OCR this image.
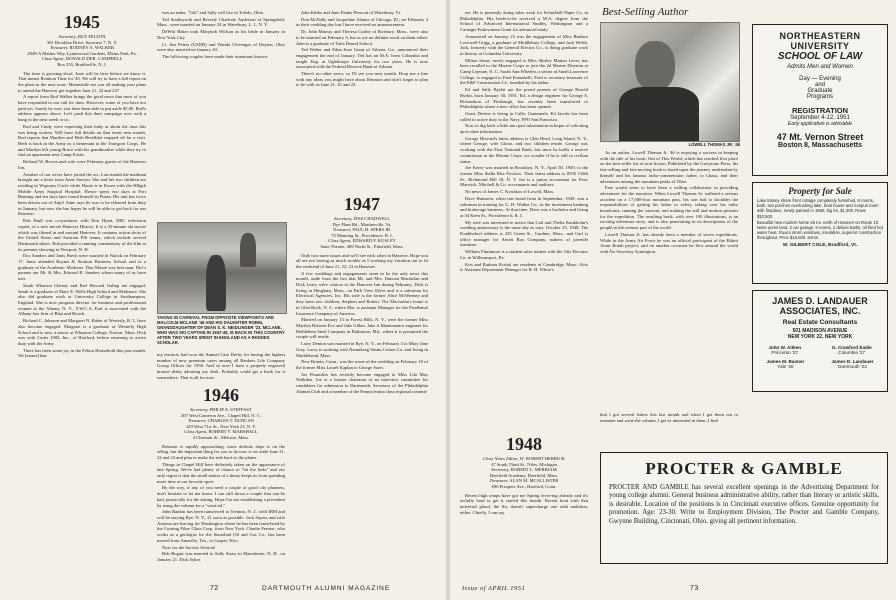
1945
Secretary, REX FELTON
301 Brooklea Drive, Syracuse 7, N. Y.
Treasurer, RODNEY A. WALKER
2049-A Mather Way, Lynnewood Gardens, Elkins Park, Pa.
Class Agent, DONALD DER. CAMPBELL
Box 255, Brattleville, N. J.

The time is growing short. June will be here before we know it. That means Reunion Time for '45. We will try to have a full report on the plans in the next issue. Meanwhile are you all making your plans to attend the Hanover get-together June 21, 22 and 23?

A report from Rod Walker brings the good news that most of you have responded to our call for dues. However, some of you have not paid yet. Surely by now you have been able to put aside $5.00. Rod's address appears above. Let's push this dues campaign over with a bang in the next week or so.

Rod and Cindy were expecting their baby at about the time this was being written. Will have full details on that event next month. Rod reports that Marilyn and Herb Breidblat stopped off for a visit. Herb is back in the Army as a lieutenant in the Transport Corps. He and Marilyn left young Bruce with his grandmother while they try to find an apartment near Camp Eustis.

Richard W. Brown and wife were February guests of the Hanover Inn.

Another of our wives have joined the act. Last month the mailman brought me a letter from Anne Sawyer. She and her two children are residing in Wigwam Circle while Houie is in Korea with the 806gth Mobile Army Surgical Hospital. Howie spent two days at Fort Benning and ten days later found himself in Pusan. His unit has twice been driven out of Anju! Anne says he was to be released from duty in January, but now she has hopes he will be able to get back for our Reunion.

Bob Paull was co-producer with Don Hyatt, NBC television expert, of a new movie Hanover History. It is a 45-minute ski movie which was filmed in and around Hanover. It contains action shots of the United States and Austrian FIS teams, which include several Dartmouth skiers. Bob provided a running commentary of the film at its premier showing in Newport, N. H.

Doc Sanders and Janis Paech were married in Natick on February 17. Janis attended Bryant & Stratton Business School and is a graduate of the Academic Moderne. Don Moore was best man. Doc's parents are Mr. & Mrs. Edward R. Sanders whom many of us have met.

Sarah Wharton Cheney and Earl Howard Gallup are engaged. Sarah is a graduate of Mary E. Wells High School and Skidmore. She also did graduate work at University College in Southampton, England. She is now program director for business and professional women at the Albany, N. Y., Y.W.C.A. Earl is associated with the Albany law firm of Blau and Bouck.

Richard C. Johnson and Margaret N. Baker of Westerly, R. I., have also become engaged. Margaret is a graduate of Westerly High School and is now a senior at Wheaton College, Norton, Mass. Dick was with Curtis 1000, Inc., of Hartford, before returning to active duty with the Army.

There has been some joy in the Felton Household this past month. We learned that

was an usher. "Gib" and Sally will live in Toledo, Ohio.

Ted Southworth and Beverly Charlotte Anderson of Springfield, Mass., were married on January 24 in Waterbury, L. I., N. Y.

DeWitt Baker took Marybob Willson as his bride in January in New York City.

Lt. Jim Peters (USNR) and Wanda Clevenger of Dayton, Ohio were also married on January 20.

The following couples have made their intentions known:

TAKING IN CARNIVAL FROM OPPOSITE VIEWPOINTS ARE MALCOLM MCLANE '46 AND HIS DAUGHTER ROBIN, GRANDDAUGHTER OF DEAN S. K. NEIDLINGER '23. MCLANE, WHO WAS SKI CAPTAIN IN 1947-48, IS BACK IN THIS COUNTRY AFTER TWO YEARS SPENT IN ENGLAND AS A RHODES SCHOLAR.

my territory had won the Annual Case Derby for having the highest number of new premium cases among all Bankers Life Company Group Offices for 1950. And so now I have a properly engraved bronze derby adorning my desk. Probably could get a buck for it somewhere. That is all for now.

1946
Secretary, PHILIP A. STEFFAST
207 West Cameron Ave., Chapel Hill, N. C.
Treasurer, CHARLES T. DUNCAN
229 West 71st St., New York 23, N. Y.
Class Agent, ROBERT V. MARSHALL
4 Chestnut St., Melrose, Mass.

Reunion is rapidly approaching, more definite dope is on the offing, but the important thing for you to do now is set aside June 21, 22 and 23 and plan to make the trek back to the plains.

Things in Chapel Hill have definitely taken on the appearance of late Spring. We've had plenty of chance to "hit the links" and our only regret is that the small matter of a thesis keeps us from spending more time at our favorite sport.

By the way, if any of you need a couple of good city planners, don't hesitate to let me know. I can still down a couple that can be had, practically for the asking. Hope I'm not establishing a precedent by using the column for a "want-ad."

John Rankin has been transferred to Trenton, N. J., with IBM and will be staying Rye, N. Y., 21 soon as possible. Jack Sayers and wife Antonia are leaving for Washington where he has been transferred by the Corning Fibre Glass Corp. from New York. Charlie Perrine, who works as a geologist for the Stanolind Oil and Gas Co., has been moved from Amarillo, Tex., to Casper, Wyo.

Now for the Society Section!

Bob Bogart was married to Sally Straw in Manchester, N. H., on January 21. Dick Sykes

John Kibbe and June Elaine Prescott of Waterbury, Vt.

Don McNally and Jacqueline Adams of Chicago, Ill., set February 3 as their wedding day but I have received no announcement.

Dr. John Murray and Theresa Curley of Roxbury, Mass., were also to be married on February 3, but as yet no definite word on them either. John is a graduate of Tufts Dental School.

Ted Walter and Edna Jean Grant of Atlanta, Ga., announced their engagement the end of January. Ted has an M.A. from Columbia and taught Eng. at Oglethorpe University for two years. He is now associated with the Federal Reserve Bank of Atlanta.

There's no other news, so I'll see you next month. Drop me a line with any ideas you might have about Reunion and don't forget to plan to be with us June 21, 22 and 23.

1947
Secretary, JESS CHADWELL
Dye Plant Rd., Martinsville, Va.
Treasurer, PAUL H. SPERS JR.
73 Manning St., Providence, R. I.
Class Agent, EDWARD F. KUSLEY
State Theater, 406 North St., Pittsfield, Mass.

Only two more issues and we'll see each other in Hanover. Hope you all are not having as much trouble as I working my vacation out to fit the weekend of June 21, 22, 23 in Hanover.

A few weddings and engagements seem to be the only news this month, aside from the fact that Mr. and Mrs. Duncan Macfarlan and Dick Leary were visitors at the Hanover Inn during February. Dick is living in Hingham, Mass., on Park View Drive and is a salesman for Electrical Agencies, Inc. His wife is the former Alice McWeeney and they have two children, Stephen and Robert. The Macfarlan's home is in Glen Rock, N. J., where Mac is assistant Manager for the Prudential Insurance Company of America.

Married on January 13 in Forest Hills, N. Y., were the former Miss Marilyn Roberta Fox and Jake Gilber. Jake is Maintenance engineer for Bethlehem Steel Company in Baltimore, Md., where it is presumed the couple will reside.

Larry Denton was married in Rye, N. Y., on February 3 to Mary Jane Gray. Larry is working with Naumkeag Steam Cotton Co. and living in Marblehead, Mass.

New Britain, Conn., was the scene of the wedding on February 10 of the former Miss Laurel Kaplan to George Saret.

Joe Flounders has recently become engaged to Miss Lila May Walkden. Joe is a former chairman of an interview committee for candidates for admission to Dartmouth, Secretary of the Philadelphia Alumni Club and a member of the Pennsylvania class regional commit-

72	DARTMOUTH ALUMNI MAGAZINE

tee. He is presently doing sales work for Schuylkill Paper Co. in Philadelphia. His bride-to-be received a M.A. degree from the School of Advanced International Studies, Washington and a Carnegie Endowment Grant for advanced study.

Announced on January 23 was the engagement of Miss Barbara Lovewell-Grigg, a graduate of Middlebury College, and Jack Welsh. Jack, formerly with the General Electric Co., is doing graduate work in history at Columbia University.

Milton Stone, newly engaged to Miss Shirley Marian Lever, has been recalled to the Marine Corps to join the 2d Marine Division at Camp Lejeune, N. C. Sarah Ann Wheeler, a senior at Sarah Lawrence College, is engaged to Fred Fraunhelli. Fred is secretary-treasurer of the E&F Construction Co. founded by his father.

Ed and Sally Byrkit are the proud parents of George Harold Byrkit, born January 30, 1951. Ed, a design engineer for George S. Richardson of Pittsburgh, has recently been transferred to Philadelphia where a new office has been opened.

Ozzie Devine is living in Calle, Guatemala. Ed Jacobs has been called to active duty in the Navy, FPO San Francisco.

Now to dig back a little into past information in hopes of soliciting up-to-date information.

George Howard's latest address is Glen Head, Long Island, N. Y., where George, wife Gloria, and two children reside. George was working with the First National Bank, but since he holds a reserve commission in the Marine Corps, we wonder if he is still in civilian status.

Joe Kerey was married in Brooklyn, N. Y., April 30, 1949, to the former Miss Stella Rita Powlow. Their latest address is 8592 116th St., Richmond Hill 18, N. Y. Joe is a junior accountant for Peat, Marwick, Mitchell & Co. accountants and auditors.

No news of James C. Kyriakos of Lowell, Mass.

Dave Hunstein, when last heard from in September, 1949, was a salesman in training for G. H. Walker Co., in the investment banking and brokerage business. At that time, Dave was a bachelor and living at 34 Keen St., Providence 6, R. I.

My wife was interested to notice that Carl and Thelia Kunkholm's wedding anniversary is the same day as ours, October 23, 1948. The Kunkholm's address is 235 Green St., Gardner, Mass., and Carl is office manager for Arnett Box Company, makers of juvenile furniture.

William Finnimore is a student sales trainee with the Otis Elevator Co. in Williamsport, Pa.

Kris and Barbara Kristal are residents of Cambridge, Mass.; Kris is Assistant Department Manager for R. H. White's.

1948
Class Notes Editor, W. ROBERT HERRICK
47 South Third St., Niles, Michigan
Secretary, ROBERT L. MERRIAM
Deerfield Academy, Deerfield, Mass.
Treasurer, ALAN M. MCALLISTER
696 Prospect Ave., Hartford, Conn.

Recent high temps have got me Spring fever-ing already and it's awfully hard to get it started this month. Recent bout with that universal ghoul, the flu, doesn't supercharge one with ambition, either. Chiefly, I can say

Best-Selling Author
LOWELL THOMAS JR. '46

As an author, Lowell Thomas Jr. '46 is enjoying a success in keeping with the title of his book, Out of This World, which has reached first place on the best-seller list of non-fiction. Published by the Greystone Press, his fast-selling and fast-moving book is based upon the journey undertaken by himself and his famous radio-commentator father, to Lhasa, and their adventures among the mountain peaks of Tibet.

Fate would seem to have been a willing collaborator in providing adventures for the narrative. When Lowell Thomas Sr. suffered a serious accident on a 17,000-foot mountain pass, his son had to shoulder the responsibilities of getting his father to safety, taking over his radio broadcasts, running the caravan, and making the still and motion pictures for the expedition. The resulting book, with over 100 illustrations, is an exciting adventure story, and is also penetrating in its descriptions of the people in this remote part of the world.

Lowell Thomas Jr. has already been a member of seven expeditions. While in the Army Air Force he was an official participant of the Bikini Atom Bomb project, and on another occasion he flew around the world with Air Secretary Symington.

that I got several letters this last month and when I get them out to examine and write the column, I get so interested in them, I find

NORTHEASTERN
UNIVERSITY
SCHOOL OF LAW
Admits Men and Women
Day — Evening
and
Graduate
Programs
REGISTRATION
September 4-12, 1951
Early application is advisable
47 Mt. Vernon Street
Boston 8, Massachusetts
Property for Sale
Lake Mosey shore front cottage completely furnished, 8 rooms, bath, two porches overlooking lake, boat house and rumpus room with fireplace, newly painted in 1950, big lot, $1,300, Rowe $10,500.
Beautiful new modern home 25 mi. north of Hanover on Route 10. Nose acres land, 2 car garage, 9 rooms, 2 deluxe baths, oil fired hot water heat, Ruuco storm windows, insulation, superior construction throughout. Price $16,500. terms.
W. GILBERT COLE, Bradford, Vt.
JAMES D. LANDAUER
ASSOCIATES, INC.
Real Estate Consultants
501 MADISON AVENUE
NEW YORK 22, NEW YORK
John W. Aitken
Princeton '27
G. Crawford Eadie
Columbia '27
James M. Banner
Yale '30
James D. Landauer
Dartmouth '23
PROCTER & GAMBLE
PROCTER AND GAMBLE has several excellent openings in the Advertising Department for young college alumni. General business administrative ability, rather than literary or artistic skills, is desirable. Location of the positions is in Cincinnati executive offices. Genuine opportunity for promotion. Age: 23-30. Write to Employment Division, The Procter and Gamble Company, Gwynne Building, Cincinnati, Ohio, giving all pertinent information.
Issue of APRIL 1951	73
